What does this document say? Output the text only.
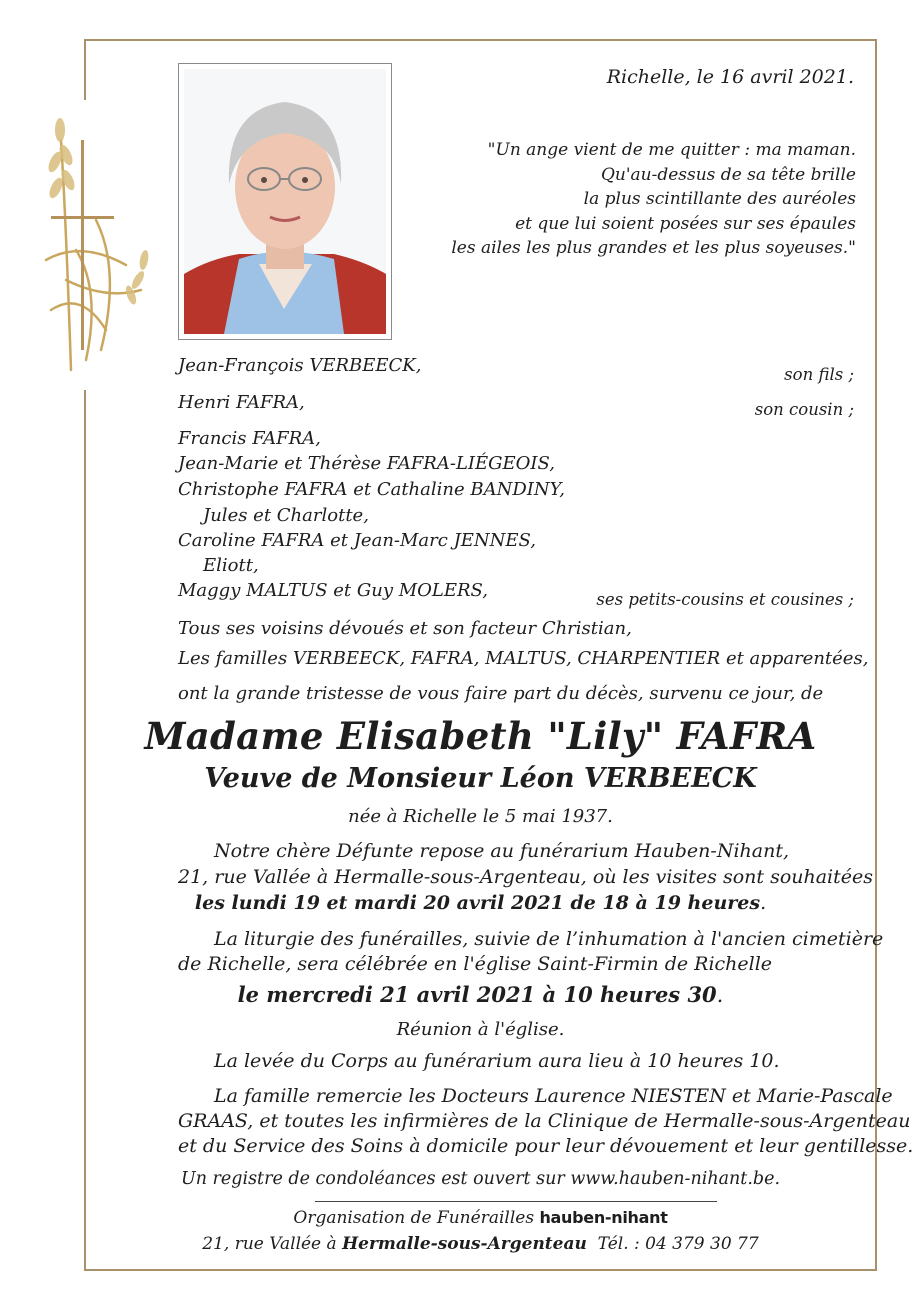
Richelle, le 16 avril 2021.
"Un ange vient de me quitter : ma maman.
Qu'au-dessus de sa tête brille
la plus scintillante des auréoles
et que lui soient posées sur ses épaules
les ailes les plus grandes et les plus soyeuses."
Jean-François VERBEECK,	son fils ;
Henri FAFRA,	son cousin ;
Francis FAFRA,
Jean-Marie et Thérèse FAFRA-LIÉGEOIS,
Christophe FAFRA et Cathaline BANDINY,
Jules et Charlotte,
Caroline FAFRA et Jean-Marc JENNES,
Eliott,
Maggy MALTUS et Guy MOLERS,	ses petits-cousins et cousines ;
Tous ses voisins dévoués et son facteur Christian,
Les familles VERBEECK, FAFRA, MALTUS, CHARPENTIER et apparentées,
ont la grande tristesse de vous faire part du décès, survenu ce jour, de
Madame Elisabeth "Lily" FAFRA
Veuve de Monsieur Léon VERBEECK
née à Richelle le 5 mai 1937.
Notre chère Défunte repose au funérarium Hauben-Nihant,
21, rue Vallée à Hermalle-sous-Argenteau, où les visites sont souhaitées
les lundi 19 et mardi 20 avril 2021 de 18 à 19 heures.
La liturgie des funérailles, suivie de l’inhumation à l'ancien cimetière
de Richelle, sera célébrée en l'église Saint-Firmin de Richelle
le mercredi 21 avril 2021 à 10 heures 30.
Réunion à l'église.
La levée du Corps au funérarium aura lieu à 10 heures 10.
La famille remercie les Docteurs Laurence NIESTEN et Marie-Pascale
GRAAS, et toutes les infirmières de la Clinique de Hermalle-sous-Argenteau
et du Service des Soins à domicile pour leur dévouement et leur gentillesse.
Un registre de condoléances est ouvert sur www.hauben-nihant.be.
Organisation de Funérailles hauben-nihant
21, rue Vallée à Hermalle-sous-Argenteau Tél. : 04 379 30 77
